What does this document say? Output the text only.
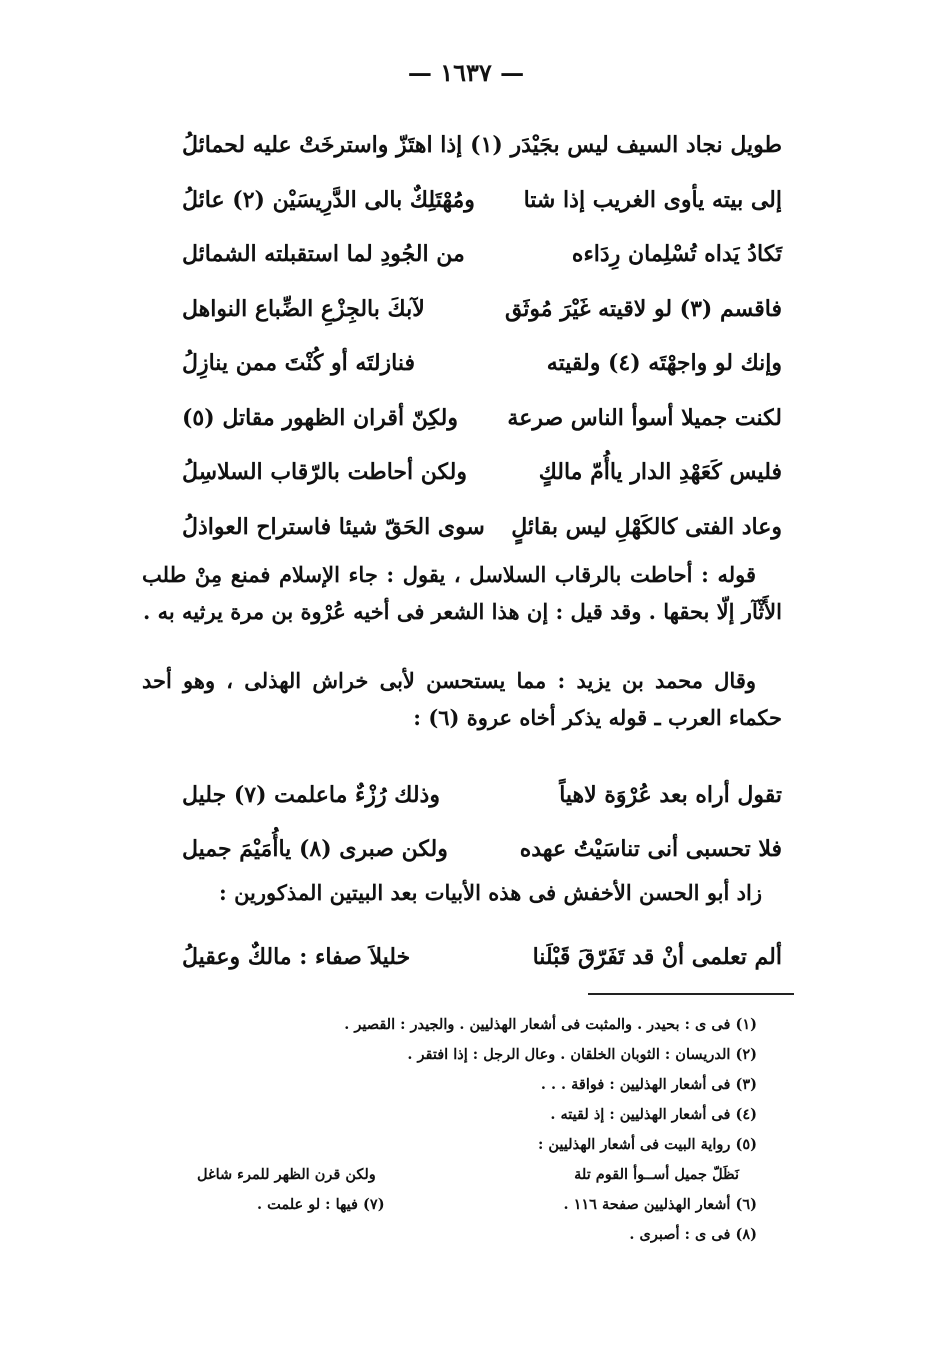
— ١٦٣٧ —
طويل نجاد السيف ليس بجَيْدَر (١)
إذا اهتَزّ واسترخَتْ عليه لحمائلُ
إلى بيته يأوى الغريب إذا شتا
ومُهْتَلِكٌ بالى الدَّرِيسَيْن (٢) عائلُ
تَكادُ يَداه تُسْلِمان رِدَاءه
من الجُودِ لما استقبلته الشمائل
فاقسم (٣) لو لاقيته غَيْرَ مُوثَق
لآبكَ بالجِزْعِ الضِّباع النواهل
وإنك لو واجهْتَه (٤) ولقيته
فنازلتَه أو كُنْتَ ممن ينازِلُ
لكنت جميلا أسوأ الناس صرعة
ولكِنّ أقران الظهور مقاتل (٥)
فليس كَعَهْدِ الدار ياأُمّ مالكٍ
ولكن أحاطت بالرّقاب السلاسِلُ
وعاد الفتى كالكَهْلِ ليس بقائلٍ
سوى الحَقّ شيئا فاستراح العواذلُ

قوله : أحاطت بالرقاب السلاسل ، يقول : جاء الإسلام فمنع مِنْ طلب الأَثْآر إلّا بحقها . وقد قيل : إن هذا الشعر فى أخيه عُرْوة بن مرة يرثيه به .

وقال محمد بن يزيد : مما يستحسن لأبى خراش الهذلى ، وهو أحد حكماء العرب ـ قوله يذكر أخاه عروة (٦) :

تقول أراه بعد عُرْوَة لاهياً
وذلك رُزْءٌ ماعلمت (٧) جليل
فلا تحسبى أنى تناسَيْتُ عهده
ولكن صبرى (٨) ياأُمَيْمَ جميل
زاد أبو الحسن الأخفش فى هذه الأبيات بعد البيتين المذكورين :
ألم تعلمى أنْ قد تَفَرّقَ قَبْلَنا
خليلاَ صفاء : مالكٌ وعقيلُ
(١) فى ى : بحيدر . والمثبت فى أشعار الهذليين . والجيدر : القصير .
(٢) الدريسان : الثوبان الخلقان . وعال الرجل : إذا افتقر .
(٣) فى أشعار الهذليين : فواقة . . .
(٤) فى أشعار الهذليين : إذ لقيته .
(٥) رواية البيت فى أشعار الهذليين :
نَظَلّ جميل أســوأ القوم تلة
ولكن قرن الظهر للمرء شاغل
(٦) أشعار الهذليين صفحة ١١٦ .
(٧) فيها : لو علمت .
(٨) فى ى : أصبرى .
